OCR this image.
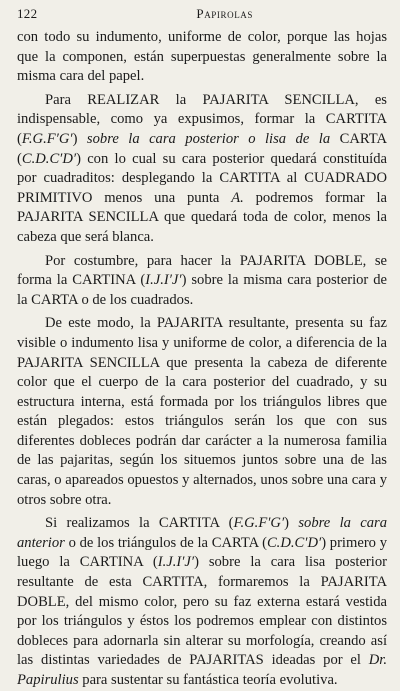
122	Papirolas

con todo su indumento, uniforme de color, porque las hojas que la componen, están superpuestas generalmente sobre la misma cara del papel.

Para REALIZAR la PAJARITA SENCILLA, es indispensable, como ya expusimos, formar la CARTITA (F.G.F′G′) sobre la cara posterior o lisa de la CARTA (C.D.C′D′) con lo cual su cara posterior quedará constituída por cuadraditos: desplegando la CARTITA al CUADRADO PRIMITIVO menos una punta A. podremos formar la PAJARITA SENCILLA que quedará toda de color, menos la cabeza que será blanca.

Por costumbre, para hacer la PAJARITA DOBLE, se forma la CARTINA (I.J.I′J′) sobre la misma cara posterior de la CARTA o de los cuadrados.

De este modo, la PAJARITA resultante, presenta su faz visible o indumento lisa y uniforme de color, a diferencia de la PAJARITA SENCILLA que presenta la cabeza de diferente color que el cuerpo de la cara posterior del cuadrado, y su estructura interna, está formada por los triángulos libres que están plegados: estos triángulos serán los que con sus diferentes dobleces podrán dar carácter a la numerosa familia de las pajaritas, según los situemos juntos sobre una de las caras, o apareados opuestos y alternados, unos sobre una cara y otros sobre otra.

Si realizamos la CARTITA (F.G.F′G′) sobre la cara anterior o de los triángulos de la CARTA (C.D.C′D′) primero y luego la CARTINA (I.J.I′J′) sobre la cara lisa posterior resultante de esta CARTITA, formaremos la PAJARITA DOBLE, del mismo color, pero su faz externa estará vestida por los triángulos y éstos los podremos emplear con distintos dobleces para adornarla sin alterar su morfología, creando así las distintas variedades de PAJARITAS ideadas por el Dr. Papirulius para sustentar su fantástica teoría evolutiva.
